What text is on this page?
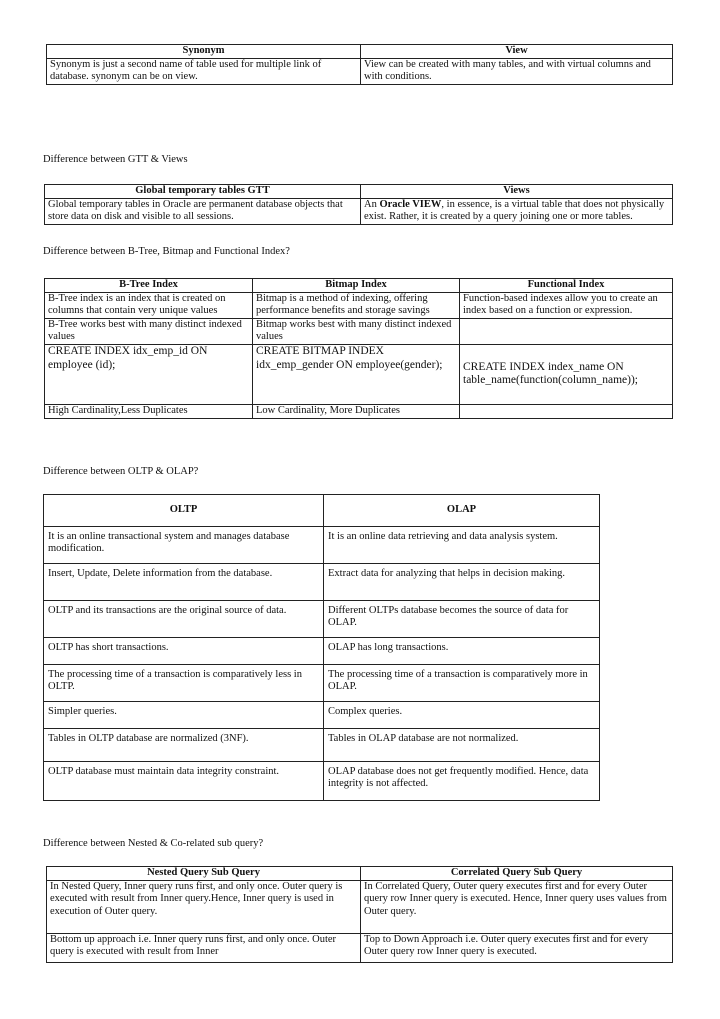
Synonym	View
Synonym is just a second name of table used for multiple link of database. synonym can be on view.	View can be created with many tables, and with virtual columns and with conditions.
Difference between GTT & Views
Global temporary tables GTT	Views
Global temporary tables in Oracle are permanent database objects that store data on disk and visible to all sessions.	An Oracle VIEW, in essence, is a virtual table that does not physically exist. Rather, it is created by a query joining one or more tables.
Difference between B-Tree, Bitmap and Functional Index?
B-Tree Index	Bitmap Index	Functional Index
B-Tree index is an index that is created on columns that contain very unique values	Bitmap is a method of indexing, offering performance benefits and storage savings	Function-based indexes allow you to create an index based on a function or expression.
B-Tree works best with many distinct indexed values	Bitmap works best with many distinct indexed values	
CREATE INDEX idx_emp_id ON employee (id);	CREATE BITMAP INDEX idx_emp_gender ON employee(gender);	CREATE INDEX index_name ON table_name(function(column_name));
High Cardinality,Less Duplicates	Low Cardinality, More Duplicates	
Difference between OLTP & OLAP?
OLTP	OLAP
It is an online transactional system and manages database modification.	It is an online data retrieving and data analysis system.
Insert, Update, Delete information from the database.	Extract data for analyzing that helps in decision making.
OLTP and its transactions are the original source of data.	Different OLTPs database becomes the source of data for OLAP.
OLTP has short transactions.	OLAP has long transactions.
The processing time of a transaction is comparatively less in OLTP.	The processing time of a transaction is comparatively more in OLAP.
Simpler queries.	Complex queries.
Tables in OLTP database are normalized (3NF).	Tables in OLAP database are not normalized.
OLTP database must maintain data integrity constraint.	OLAP database does not get frequently modified. Hence, data integrity is not affected.
Difference between Nested & Co-related sub query?
Nested Query Sub Query	Correlated Query Sub Query
In Nested Query, Inner query runs first, and only once. Outer query is executed with result from Inner query.Hence, Inner query is used in execution of Outer query.	In Correlated Query, Outer query executes first and for every Outer query row Inner query is executed. Hence, Inner query uses values from Outer query.
Bottom up approach i.e. Inner query runs first, and only once. Outer query is executed with result from Inner	Top to Down Approach i.e. Outer query executes first and for every Outer query row Inner query is executed.
